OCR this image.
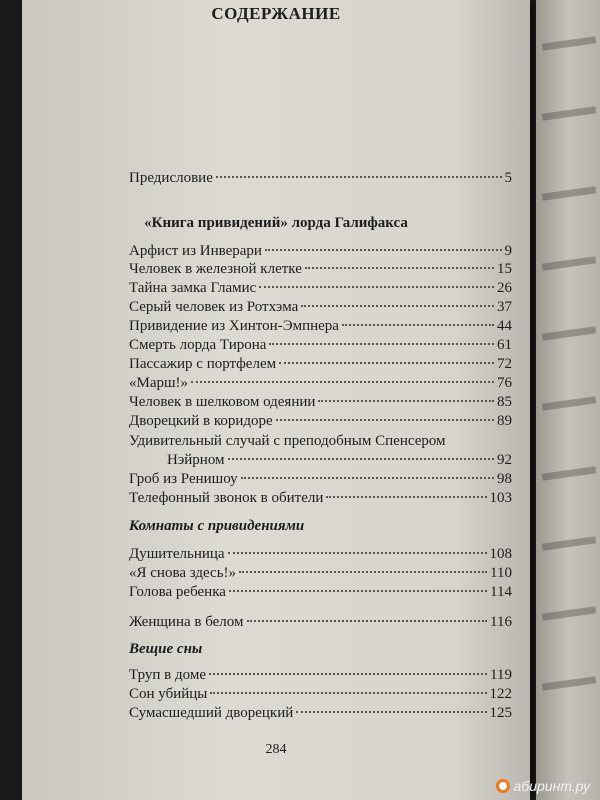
СОДЕРЖАНИЕ
Предисловие	5
«Книга привидений» лорда Галифакса
Арфист из Инверари	9
Человек в железной клетке	15
Тайна замка Гламис	26
Серый человек из Ротхэма	37
Привидение из Хинтон-Эмпнера	44
Смерть лорда Тирона	61
Пассажир с портфелем	72
«Марш!»	76
Человек в шелковом одеянии	85
Дворецкий в коридоре	89
Удивительный случай с преподобным Спенсером
Нэйрном	92
Гроб из Ренишоу	98
Телефонный звонок в обители	103
Комнаты с привидениями
Душительница	108
«Я снова здесь!»	110
Голова ребенка	114
Женщина в белом	116
Вещие сны
Труп в доме	119
Сон убийцы	122
Сумасшедший дворецкий	125
284
абиринт.ру
